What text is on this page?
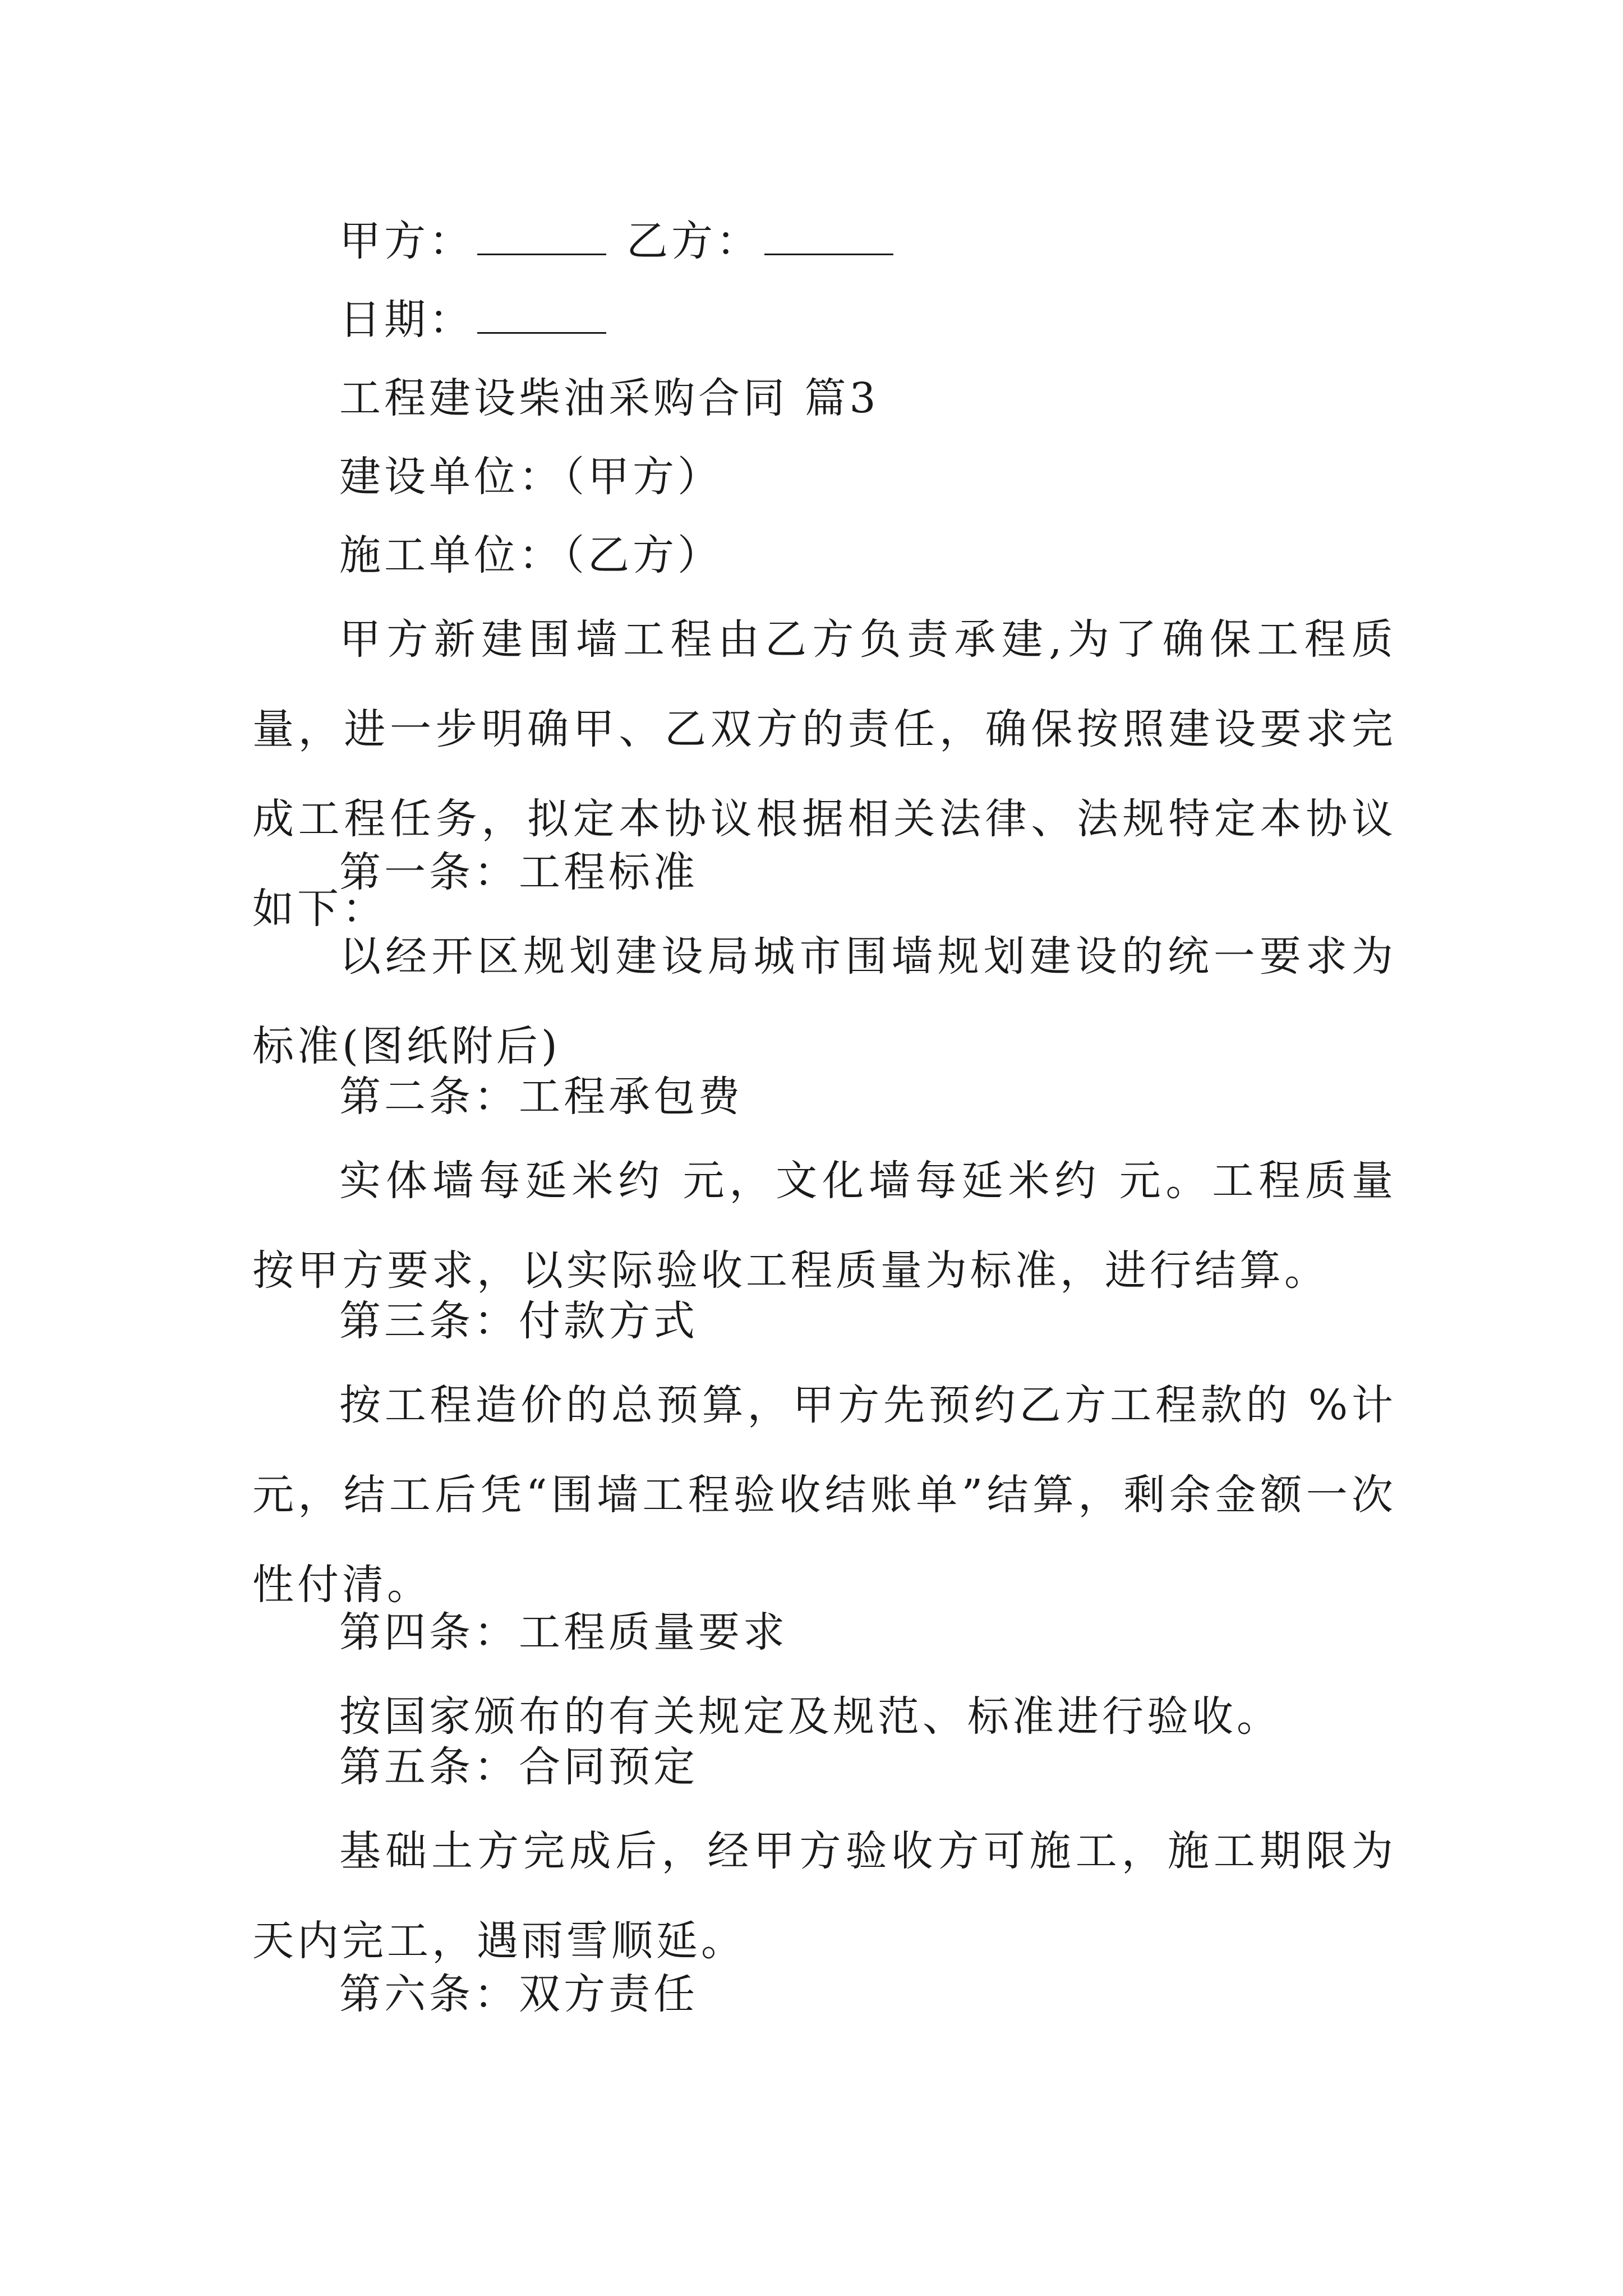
甲方：	乙方：
日期：
工程建设柴油采购合同 篇3
建设单位：（甲方）
施工单位：（乙方）

甲方新建围墙工程由乙方负责承建,为了确保工程质量，进一步明确甲、乙双方的责任，确保按照建设要求完成工程任务，拟定本协议根据相关法律、法规特定本协议如下：

第一条：工程标准

以经开区规划建设局城市围墙规划建设的统一要求为标准(图纸附后)

第二条：工程承包费

实体墙每延米约 元，文化墙每延米约 元。工程质量按甲方要求，以实际验收工程质量为标准，进行结算。

第三条：付款方式

按工程造价的总预算，甲方先预约乙方工程款的 %计元，结工后凭“围墙工程验收结账单”结算，剩余金额一次性付清。

第四条：工程质量要求

按国家颁布的有关规定及规范、标准进行验收。

第五条：合同预定

基础土方完成后，经甲方验收方可施工，施工期限为天内完工，遇雨雪顺延。

第六条：双方责任
